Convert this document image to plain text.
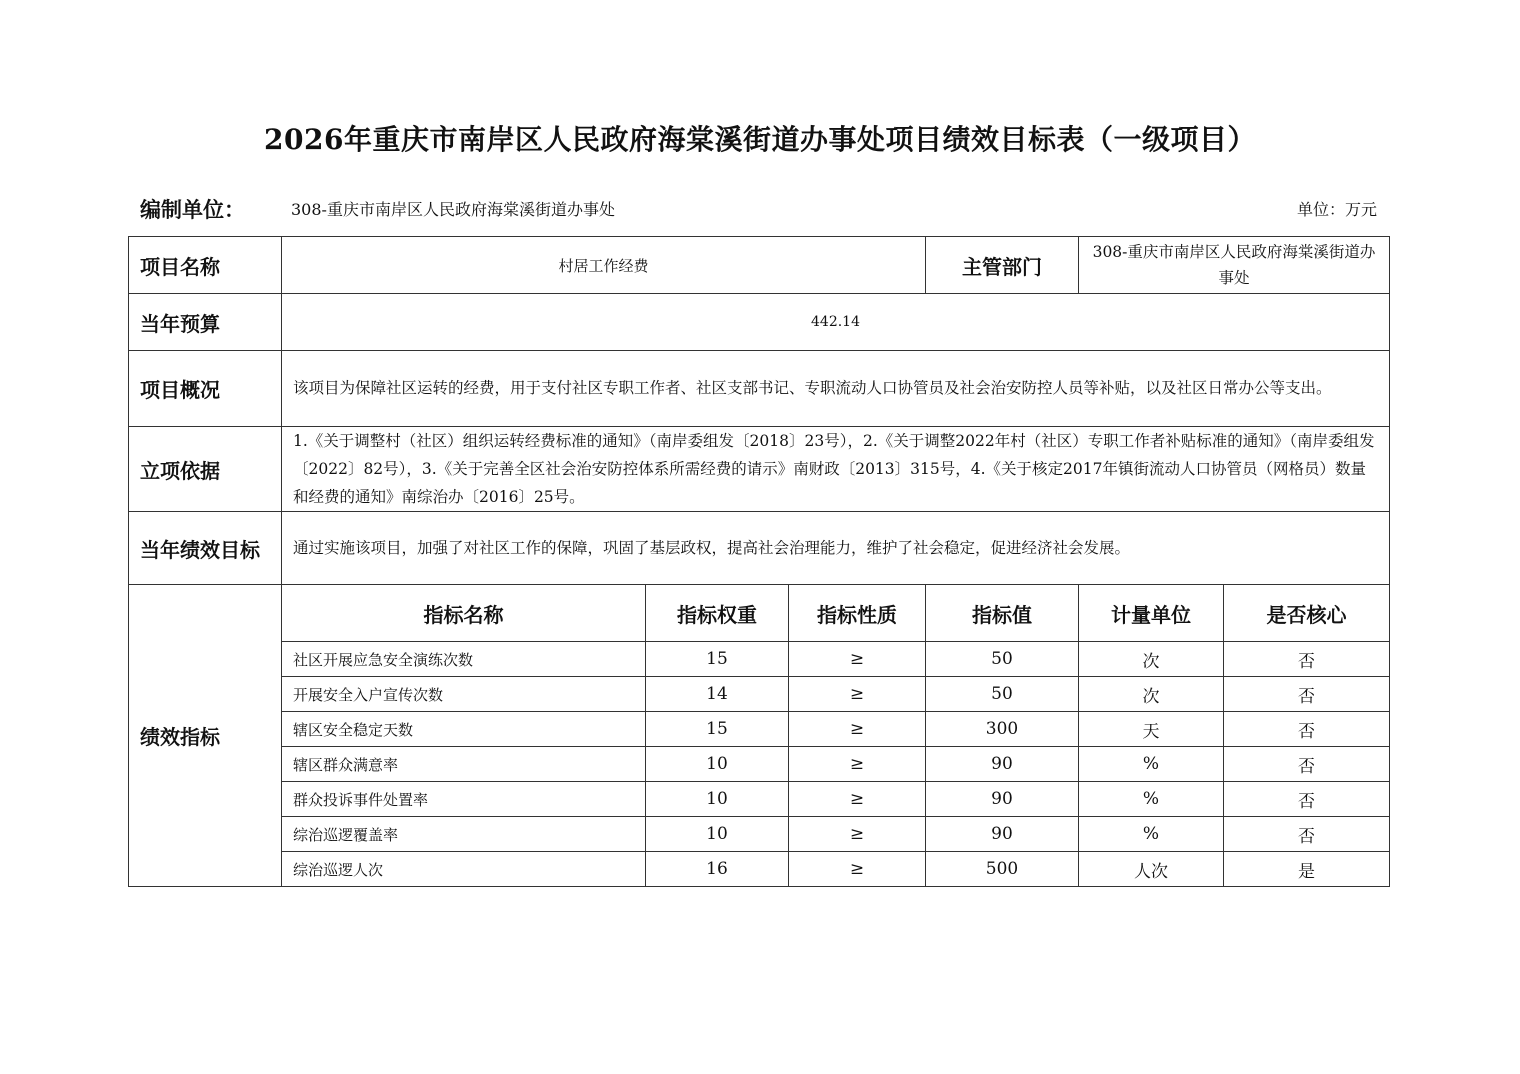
2026年重庆市南岸区人民政府海棠溪街道办事处项目绩效目标表（一级项目）
编制单位：	308-重庆市南岸区人民政府海棠溪街道办事处	单位：万元
项目名称	村居工作经费			主管部门	308-重庆市南岸区人民政府海棠溪街道办事处	
当年预算	442.14					
项目概况	该项目为保障社区运转的经费，用于支付社区专职工作者、社区支部书记、专职流动人口协管员及社会治安防控人员等补贴，以及社区日常办公等支出。					
立项依据	1.《关于调整村（社区）组织运转经费标准的通知》（南岸委组发〔2018〕23号），2.《关于调整2022年村（社区）专职工作者补贴标准的通知》（南岸委组发〔2022〕82号），3.《关于完善全区社会治安防控体系所需经费的请示》南财政〔2013〕315号，4.《关于核定2017年镇街流动人口协管员（网格员）数量和经费的通知》南综治办〔2016〕25号。					
当年绩效目标	通过实施该项目，加强了对社区工作的保障，巩固了基层政权，提高社会治理能力，维护了社会稳定，促进经济社会发展。					
绩效指标	指标名称	指标权重	指标性质	指标值	计量单位	是否核心
	社区开展应急安全演练次数	15	≥	50	次	否
	开展安全入户宣传次数	14	≥	50	次	否
	辖区安全稳定天数	15	≥	300	天	否
	辖区群众满意率	10	≥	90	%	否
	群众投诉事件处置率	10	≥	90	%	否
	综治巡逻覆盖率	10	≥	90	%	否
	综治巡逻人次	16	≥	500	人次	是
